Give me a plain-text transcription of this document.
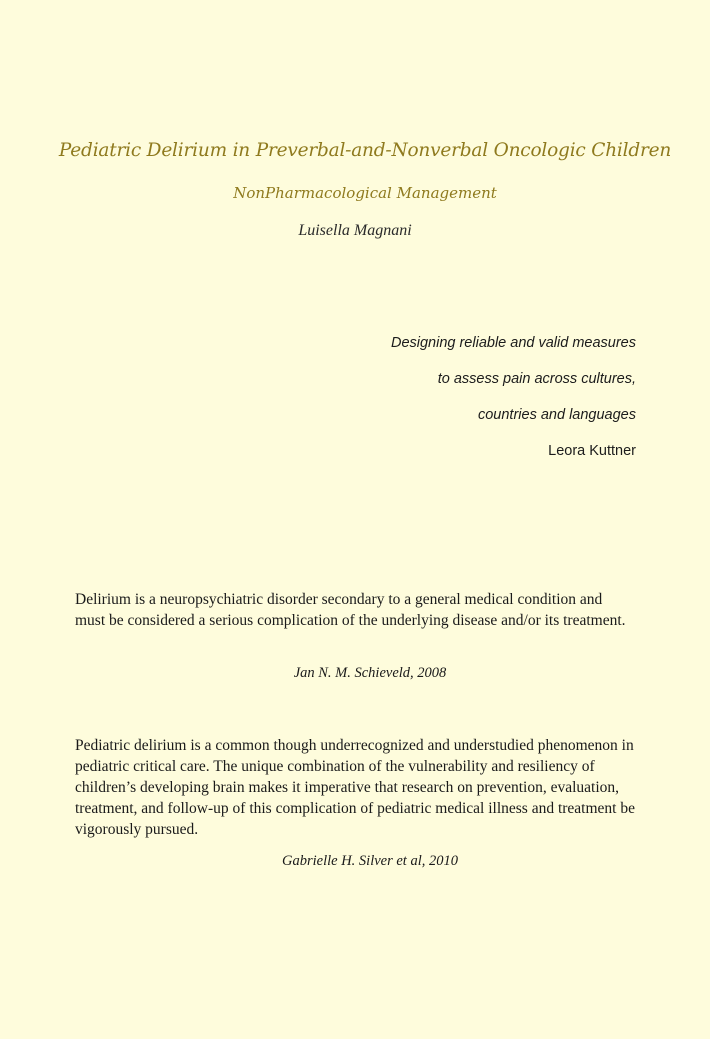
Pediatric Delirium in Preverbal-and-Nonverbal Oncologic Children
NonPharmacological Management
Luisella Magnani
Designing reliable and valid measures
to assess pain across cultures,
countries and languages
Leora Kuttner
Delirium is a neuropsychiatric disorder secondary to a general medical condition and must be considered a serious complication of the underlying disease and/or its treatment.
Jan N. M. Schieveld, 2008
Pediatric delirium is a common though underrecognized and understudied phenomenon in pediatric critical care. The unique combination of the vulnerability and resiliency of children’s developing brain makes it imperative that research on prevention, evaluation, treatment, and follow-up of this complication of pediatric medical illness and treatment be vigorously pursued.
Gabrielle H. Silver et al, 2010
